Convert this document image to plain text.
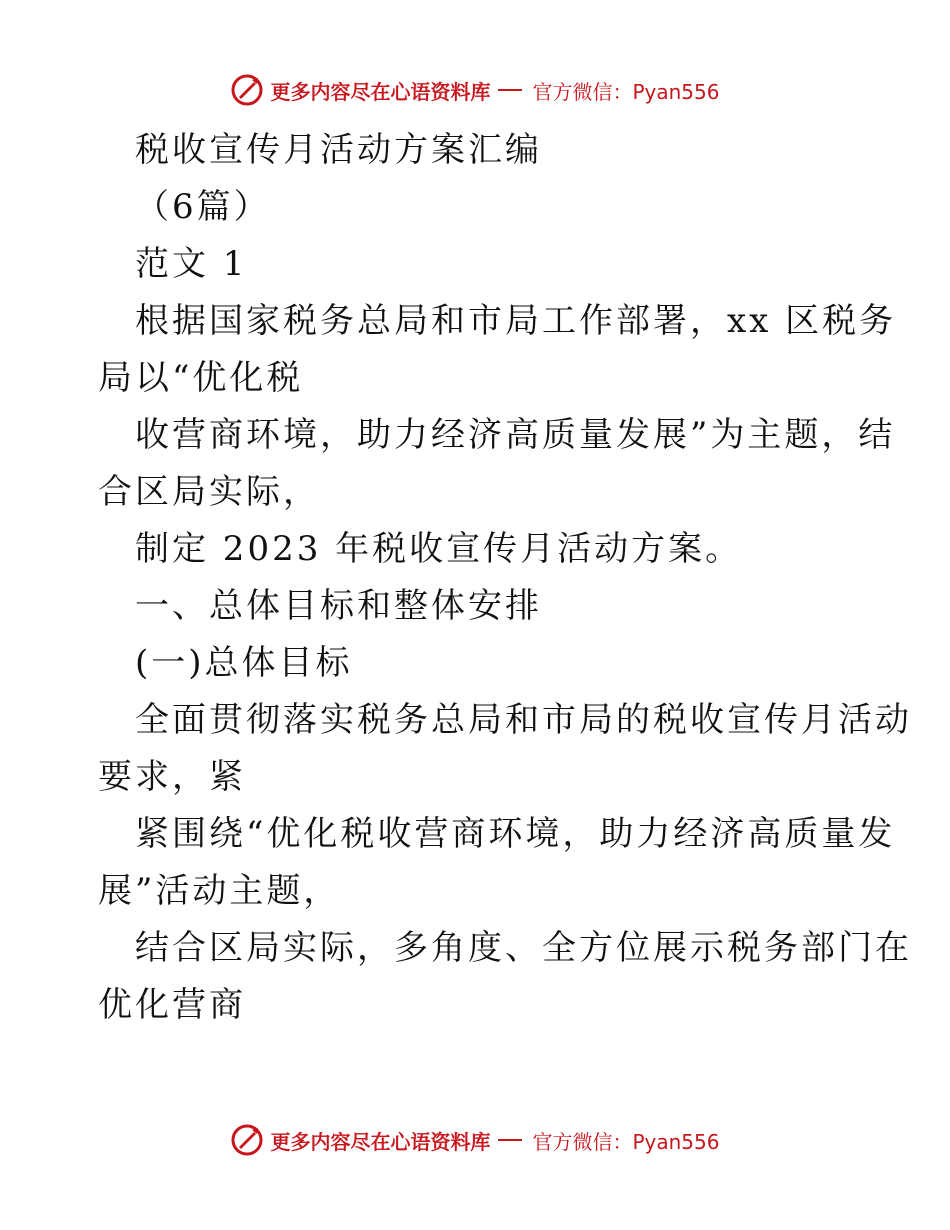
更多内容尽在心语资料库 官方微信：Pyan556
税收宣传月活动方案汇编
（6篇）
范文 1
根据国家税务总局和市局工作部署，xx 区税务
局以“优化税
收营商环境，助力经济高质量发展”为主题，结
合区局实际，
制定 2023 年税收宣传月活动方案。
一、总体目标和整体安排
(一)总体目标
全面贯彻落实税务总局和市局的税收宣传月活动
要求，紧
紧围绕“优化税收营商环境，助力经济高质量发
展”活动主题，
结合区局实际，多角度、全方位展示税务部门在
优化营商
更多内容尽在心语资料库 官方微信：Pyan556
